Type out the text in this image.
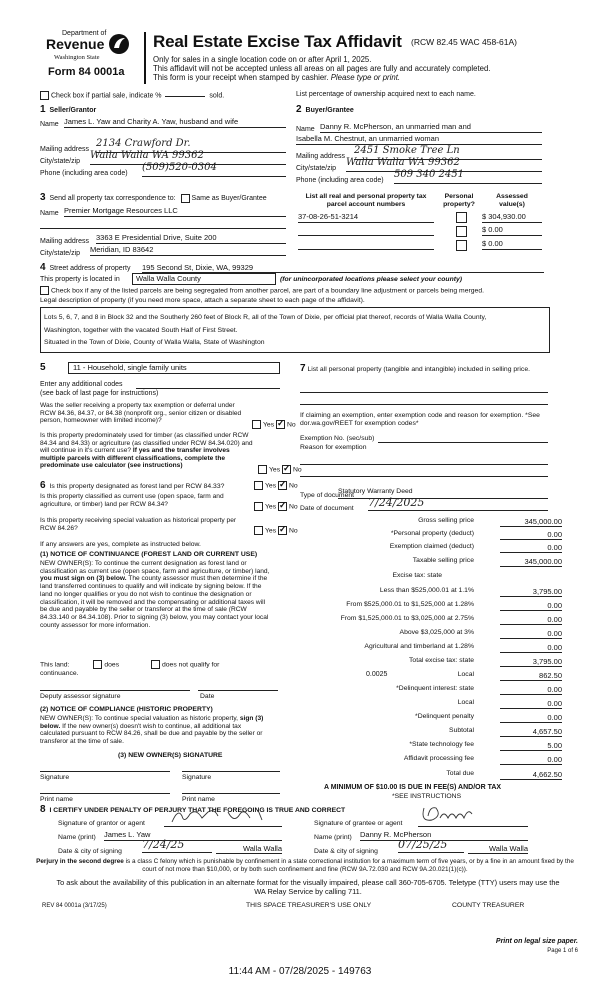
Department of
Revenue
Washington State
Form 84 0001a
Real Estate Excise Tax Affidavit (RCW 82.45 WAC 458-61A)
Only for sales in a single location code on or after April 1, 2025.
This affidavit will not be accepted unless all areas on all pages are fully and accurately completed.
This form is your receipt when stamped by cashier. Please type or print.
Check box if partial sale, indicate %	sold.	List percentage of ownership acquired next to each name.
1 Seller/Grantor
Name James L. Yaw and Charity A. Yaw, husband and wife
Mailing address
2134 Crawford Dr.
City/state/zip
Walla Walla WA 99362
Phone (including area code)
(509)520-0304
2 Buyer/Grantee
Name Danny R. McPherson, an unmarried man and
Isabella M. Chestnut, an unmarried woman
Mailing address
2451 Smoke Tree Ln
City/state/zip
Walla Walla WA 99362
Phone (including area code)
509 340 2451
3 Send all property tax correspondence to: Same as Buyer/Grantee
Name Premier Mortgage Resources LLC
Mailing address 3363 E Presidential Drive, Suite 200
City/state/zip Meridian, ID 83642
List all real and personal property tax parcel account numbers
Personal property?
Assessed value(s)
37-08-26-51-3214	$ 304,930.00
$ 0.00
$ 0.00
4 Street address of property 195 Second St, Dixie, WA, 99329
This property is located in	Walla Walla County	(for unincorporated locations please select your county)
Check box if any of the listed parcels are being segregated from another parcel, are part of a boundary line adjustment or parcels being merged.
Legal description of property (if you need more space, attach a separate sheet to each page of the affidavit).
Lots 5, 6, 7, and 8 in Block 32 and the Southerly 260 feet of Block R, all of the Town of Dixie, per official plat thereof, records of Walla Walla County,
Washington, together with the vacated South Half of First Street.
Situated in the Town of Dixie, County of Walla Walla, State of Washington
5	11 - Household, single family units
Enter any additional codes
(see back of last page for instructions)
Was the seller receiving a property tax exemption or deferral under RCW 84.36, 84.37, or 84.38 (nonprofit org., senior citizen or disabled person, homeowner with limited income)?
Yes ✓ No
Is this property predominately used for timber (as classified under RCW 84.34 and 84.33) or agriculture (as classified under RCW 84.34.020) and will continue in it's current use? If yes and the transfer involves multiple parcels with different classifications, complete the predominate use calculator (see instructions)
Yes ✓ No
6 Is this property designated as forest land per RCW 84.33?	Yes ✓ No
Is this property classified as current use (open space, farm and agriculture, or timber) land per RCW 84.34?	Yes ✓ No
Is this property receiving special valuation as historical property per RCW 84.26?	Yes ✓ No
If any answers are yes, complete as instructed below.
(1) NOTICE OF CONTINUANCE (FOREST LAND OR CURRENT USE)
NEW OWNER(S): To continue the current designation as forest land or classification as current use (open space, farm and agriculture, or timber) land, you must sign on (3) below. The county assessor must then determine if the land transferred continues to qualify and will indicate by signing below. If the land no longer qualifies or you do not wish to continue the designation or classification, it will be removed and the compensating or additional taxes will be due and payable by the seller or transferor at the time of sale (RCW 84.33.140 or 84.34.108). Prior to signing (3) below, you may contact your local county assessor for more information.
This land:	does	does not qualify for
continuance.
Deputy assessor signature	Date
(2) NOTICE OF COMPLIANCE (HISTORIC PROPERTY)
NEW OWNER(S): To continue special valuation as historic property, sign (3) below. If the new owner(s) doesn't wish to continue, all additional tax calculated pursuant to RCW 84.26, shall be due and payable by the seller or transferor at the time of sale.
(3) NEW OWNER(S) SIGNATURE
Signature	Signature
Print name	Print name
7 List all personal property (tangible and intangible) included in selling price.
If claiming an exemption, enter exemption code and reason for exemption. *See dor.wa.gov/REET for exemption codes*
Exemption No. (sec/sub)
Reason for exemption
Type of document
Statutory Warranty Deed
Date of document 7/24/2025
Gross selling price	345,000.00
*Personal property (deduct)	0.00
Exemption claimed (deduct)	0.00
Taxable selling price	345,000.00
Excise tax: state
Less than $525,000.01 at 1.1%	3,795.00
From $525,000.01 to $1,525,000 at 1.28%	0.00
From $1,525,000.01 to $3,025,000 at 2.75%	0.00
Above $3,025,000 at 3%	0.00
Agricultural and timberland at 1.28%	0.00
Total excise tax: state	3,795.00
0.0025	Local	862.50
*Delinquent interest: state	0.00
Local	0.00
*Delinquent penalty	0.00
Subtotal	4,657.50
*State technology fee	5.00
Affidavit processing fee	0.00
Total due	4,662.50
A MINIMUM OF $10.00 IS DUE IN FEE(S) AND/OR TAX
*SEE INSTRUCTIONS
8 I CERTIFY UNDER PENALTY OF PERJURY THAT THE FOREGOING IS TRUE AND CORRECT
Signature of grantor or agent	Signature of grantee or agent
Name (print) James L. Yaw	Name (print) Danny R. McPherson
Date & city of signing
7/24/25	Walla Walla	Date & city of signing
07/25/25	Walla Walla
Perjury in the second degree is a class C felony which is punishable by confinement in a state correctional institution for a maximum term of five years, or by a fine in an amount fixed by the court of not more than $10,000, or by both such confinement and fine (RCW 9A.72.030 and RCW 9A.20.021(1)(c)).
To ask about the availability of this publication in an alternate format for the visually impaired, please call 360-705-6705. Teletype (TTY) users may use the WA Relay Service by calling 711.
REV 84 0001a (3/17/25)	THIS SPACE TREASURER'S USE ONLY	COUNTY TREASURER
Print on legal size paper.
Page 1 of 6
11:44 AM - 07/28/2025 - 149763
